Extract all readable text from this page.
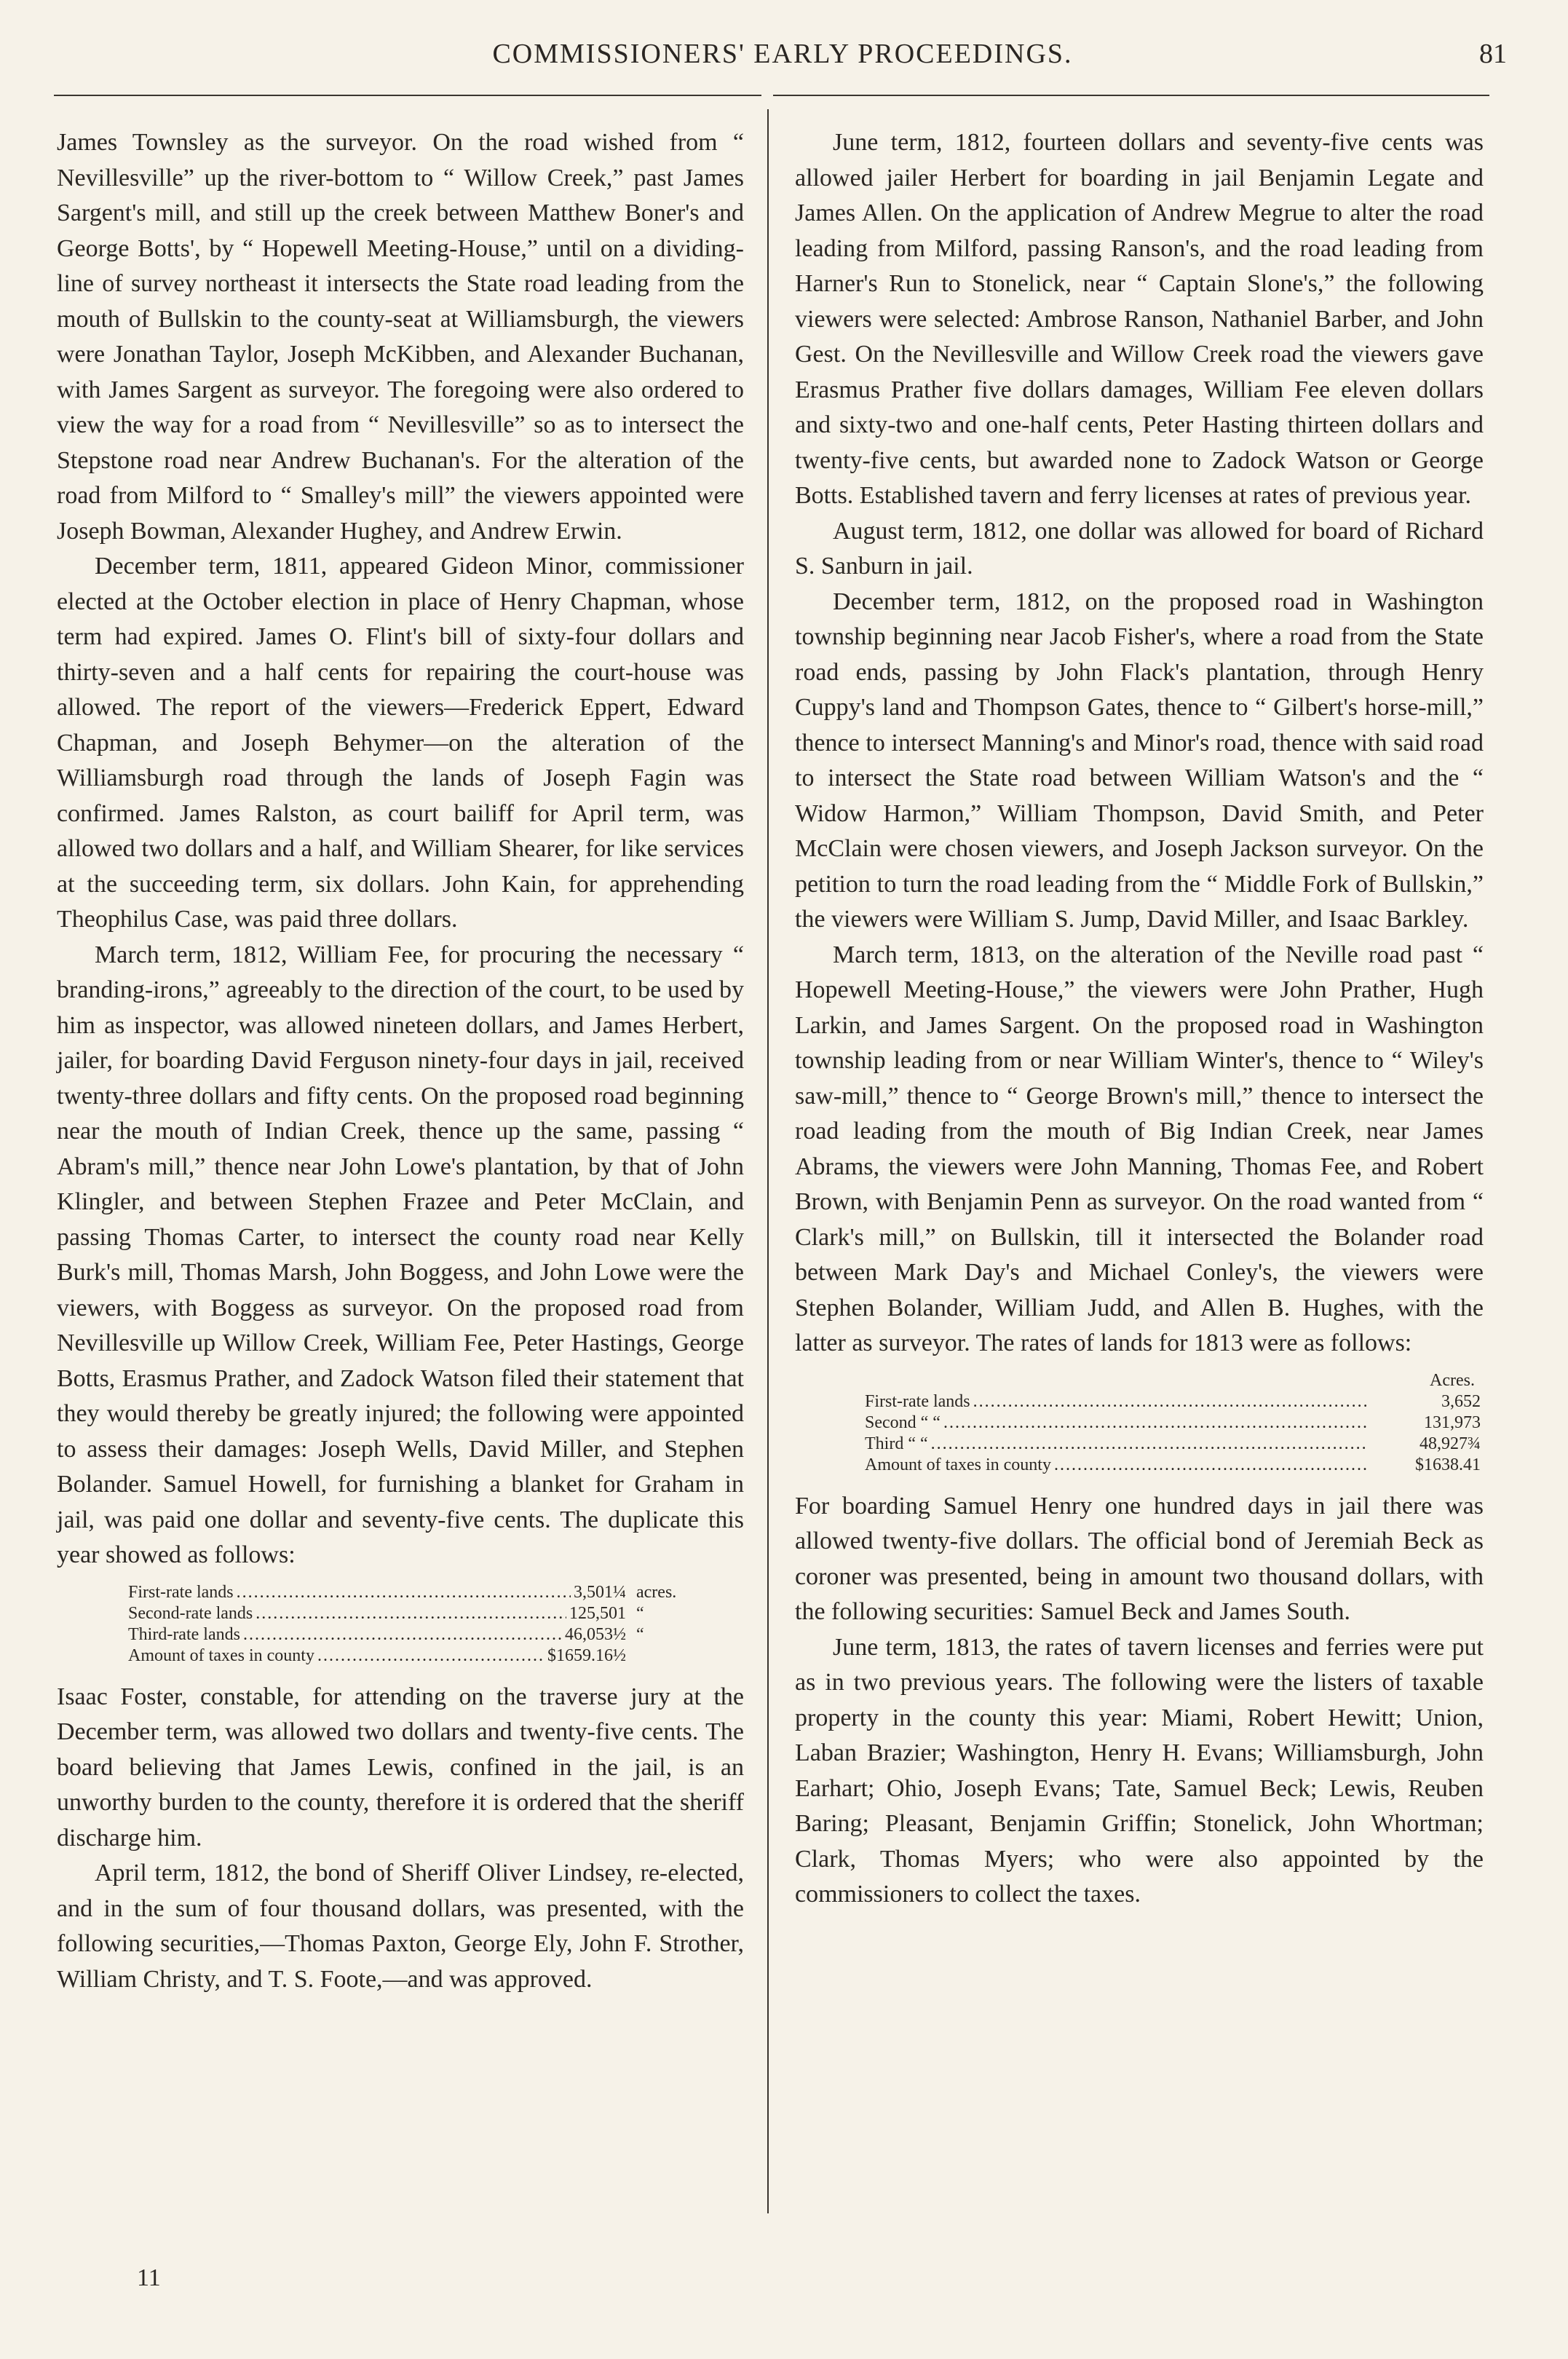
COMMISSIONERS' EARLY PROCEEDINGS.	81

James Townsley as the surveyor. On the road wished from “ Nevillesville” up the river-bottom to “ Willow Creek,” past James Sargent's mill, and still up the creek between Matthew Boner's and George Botts', by “ Hopewell Meeting-House,” until on a dividing-line of survey northeast it intersects the State road leading from the mouth of Bullskin to the county-seat at Williamsburgh, the viewers were Jonathan Taylor, Joseph McKibben, and Alexander Buchanan, with James Sargent as surveyor. The foregoing were also ordered to view the way for a road from “ Nevillesville” so as to intersect the Stepstone road near Andrew Buchanan's. For the alteration of the road from Milford to “ Smalley's mill” the viewers appointed were Joseph Bowman, Alexander Hughey, and Andrew Erwin.

December term, 1811, appeared Gideon Minor, commissioner elected at the October election in place of Henry Chapman, whose term had expired. James O. Flint's bill of sixty-four dollars and thirty-seven and a half cents for repairing the court-house was allowed. The report of the viewers—Frederick Eppert, Edward Chapman, and Joseph Behymer—on the alteration of the Williamsburgh road through the lands of Joseph Fagin was confirmed. James Ralston, as court bailiff for April term, was allowed two dollars and a half, and William Shearer, for like services at the succeeding term, six dollars. John Kain, for apprehending Theophilus Case, was paid three dollars.

March term, 1812, William Fee, for procuring the necessary “ branding-irons,” agreeably to the direction of the court, to be used by him as inspector, was allowed nineteen dollars, and James Herbert, jailer, for boarding David Ferguson ninety-four days in jail, received twenty-three dollars and fifty cents. On the proposed road beginning near the mouth of Indian Creek, thence up the same, passing “ Abram's mill,” thence near John Lowe's plantation, by that of John Klingler, and between Stephen Frazee and Peter McClain, and passing Thomas Carter, to intersect the county road near Kelly Burk's mill, Thomas Marsh, John Boggess, and John Lowe were the viewers, with Boggess as surveyor. On the proposed road from Nevillesville up Willow Creek, William Fee, Peter Hastings, George Botts, Erasmus Prather, and Zadock Watson filed their statement that they would thereby be greatly injured; the following were appointed to assess their damages: Joseph Wells, David Miller, and Stephen Bolander. Samuel Howell, for furnishing a blanket for Graham in jail, was paid one dollar and seventy-five cents. The duplicate this year showed as follows:

First-rate lands .....	3,501¼ acres.
Second-rate lands .....	125,501 “
Third-rate lands .....	46,053½ “
Amount of taxes in county .....	$1659.16½

Isaac Foster, constable, for attending on the traverse jury at the December term, was allowed two dollars and twenty-five cents. The board believing that James Lewis, confined in the jail, is an unworthy burden to the county, therefore it is ordered that the sheriff discharge him.

April term, 1812, the bond of Sheriff Oliver Lindsey, re-elected, and in the sum of four thousand dollars, was presented, with the following securities,—Thomas Paxton, George Ely, John F. Strother, William Christy, and T. S. Foote,—and was approved.

11

June term, 1812, fourteen dollars and seventy-five cents was allowed jailer Herbert for boarding in jail Benjamin Legate and James Allen. On the application of Andrew Megrue to alter the road leading from Milford, passing Ranson's, and the road leading from Harner's Run to Stonelick, near “ Captain Slone's,” the following viewers were selected: Ambrose Ranson, Nathaniel Barber, and John Gest. On the Nevillesville and Willow Creek road the viewers gave Erasmus Prather five dollars damages, William Fee eleven dollars and sixty-two and one-half cents, Peter Hasting thirteen dollars and twenty-five cents, but awarded none to Zadock Watson or George Botts. Established tavern and ferry licenses at rates of previous year.

August term, 1812, one dollar was allowed for board of Richard S. Sanburn in jail.

December term, 1812, on the proposed road in Washington township beginning near Jacob Fisher's, where a road from the State road ends, passing by John Flack's plantation, through Henry Cuppy's land and Thompson Gates, thence to “ Gilbert's horse-mill,” thence to intersect Manning's and Minor's road, thence with said road to intersect the State road between William Watson's and the “ Widow Harmon,” William Thompson, David Smith, and Peter McClain were chosen viewers, and Joseph Jackson surveyor. On the petition to turn the road leading from the “ Middle Fork of Bullskin,” the viewers were William S. Jump, David Miller, and Isaac Barkley.

March term, 1813, on the alteration of the Neville road past “ Hopewell Meeting-House,” the viewers were John Prather, Hugh Larkin, and James Sargent. On the proposed road in Washington township leading from or near William Winter's, thence to “ Wiley's saw-mill,” thence to “ George Brown's mill,” thence to intersect the road leading from the mouth of Big Indian Creek, near James Abrams, the viewers were John Manning, Thomas Fee, and Robert Brown, with Benjamin Penn as surveyor. On the road wanted from “ Clark's mill,” on Bullskin, till it intersected the Bolander road between Mark Day's and Michael Conley's, the viewers were Stephen Bolander, William Judd, and Allen B. Hughes, with the latter as surveyor. The rates of lands for 1813 were as follows:

Acres.
First-rate lands .....	3,652
Second “ “ .....	131,973
Third “ “ .....	48,927¾
Amount of taxes in county .....	$1638.41

For boarding Samuel Henry one hundred days in jail there was allowed twenty-five dollars. The official bond of Jeremiah Beck as coroner was presented, being in amount two thousand dollars, with the following securities: Samuel Beck and James South.

June term, 1813, the rates of tavern licenses and ferries were put as in two previous years. The following were the listers of taxable property in the county this year: Miami, Robert Hewitt; Union, Laban Brazier; Washington, Henry H. Evans; Williamsburgh, John Earhart; Ohio, Joseph Evans; Tate, Samuel Beck; Lewis, Reuben Baring; Pleasant, Benjamin Griffin; Stonelick, John Whortman; Clark, Thomas Myers; who were also appointed by the commissioners to collect the taxes.
